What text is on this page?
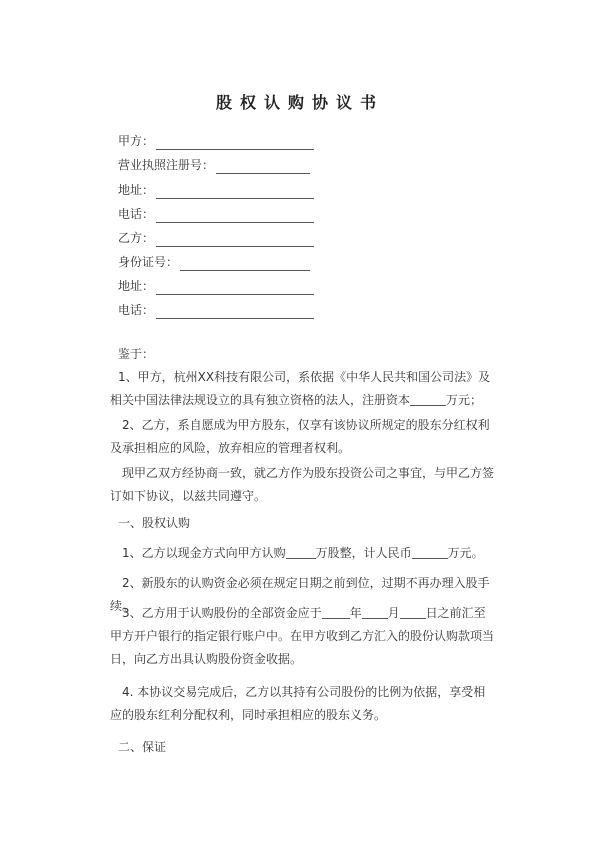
股权认购协议书
甲方：
营业执照注册号：
地址：
电话：
乙方：
身份证号：
地址：
电话：
鉴于：
1、甲方，杭州XX科技有限公司，系依据《中华人民共和国公司法》及相关中国法律法规设立的具有独立资格的法人，注册资本	万元；
2、乙方，系自愿成为甲方股东，仅享有该协议所规定的股东分红权利及承担相应的风险，放弃相应的管理者权利。
现甲乙双方经协商一致，就乙方作为股东投资公司之事宜，与甲乙方签订如下协议，以兹共同遵守。
一、股权认购
1、乙方以现金方式向甲方认购	万股整，计人民币	万元。
2、新股东的认购资金必须在规定日期之前到位，过期不再办理入股手续。
3、乙方用于认购股份的全部资金应于 年 月 日之前汇至甲方开户银行的指定银行账户中。在甲方收到乙方汇入的股份认购款项当日，向乙方出具认购股份资金收据。
4. 本协议交易完成后，乙方以其持有公司股份的比例为依据，享受相应的股东红利分配权利，同时承担相应的股东义务。
二、保证
